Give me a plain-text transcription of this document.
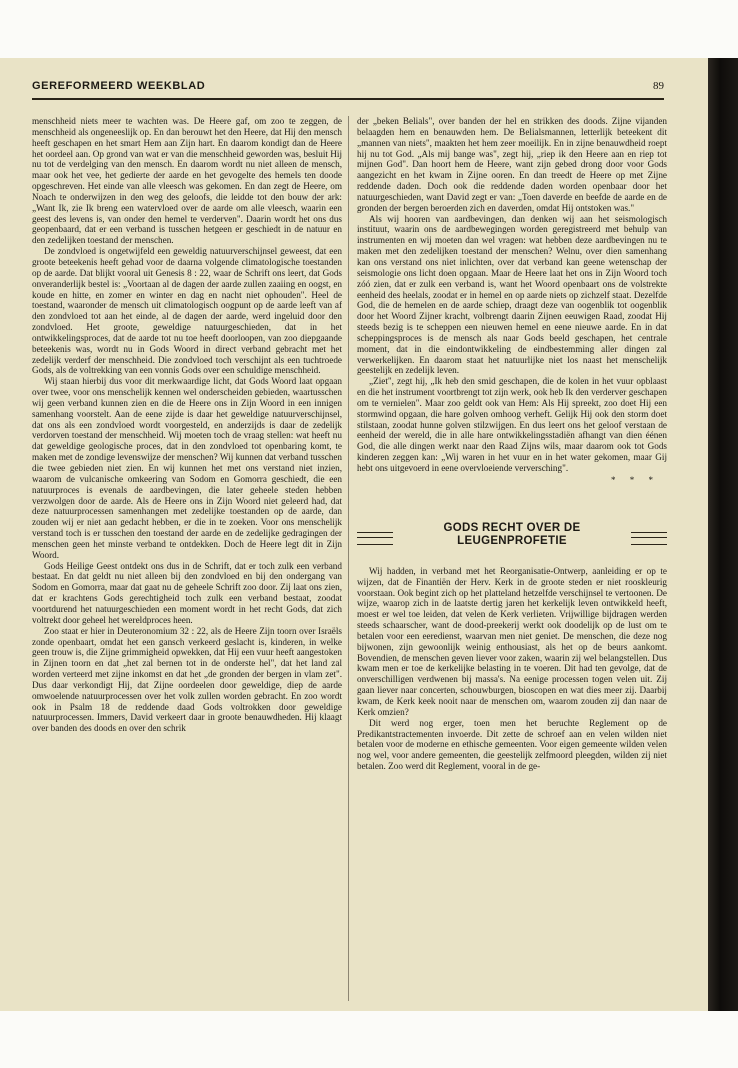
GEREFORMEERD WEEKBLAD	89

menschheid niets meer te wachten was. De Heere gaf, om zoo te zeggen, de menschheid als ongeneeslijk op. En dan berouwt het den Heere, dat Hij den mensch heeft geschapen en het smart Hem aan Zijn hart. En daarom kondigt dan de Heere het oordeel aan. Op grond van wat er van die menschheid geworden was, besluit Hij nu tot de verdelging van den mensch. En daarom wordt nu niet alleen de mensch, maar ook het vee, het gedierte der aarde en het gevogelte des hemels ten doode opgeschreven. Het einde van alle vleesch was gekomen. En dan zegt de Heere, om Noach te onderwijzen in den weg des geloofs, die leidde tot den bouw der ark: „Want Ik, zie Ik breng een watervloed over de aarde om alle vleesch, waarin een geest des levens is, van onder den hemel te verderven". Daarin wordt het ons dus geopenbaard, dat er een verband is tusschen hetgeen er geschiedt in de natuur en den zedelijken toestand der menschen.

De zondvloed is ongetwijfeld een geweldig natuurverschijnsel geweest, dat een groote beteekenis heeft gehad voor de daarna volgende climatologische toestanden op de aarde. Dat blijkt vooral uit Genesis 8 : 22, waar de Schrift ons leert, dat Gods onveranderlijk bestel is: „Voortaan al de dagen der aarde zullen zaaiing en oogst, en koude en hitte, en zomer en winter en dag en nacht niet ophouden". Heel de toestand, waaronder de mensch uit climatologisch oogpunt op de aarde leeft van af den zondvloed tot aan het einde, al de dagen der aarde, werd ingeluid door den zondvloed. Het groote, geweldige natuurgeschieden, dat in het ontwikkelingsproces, dat de aarde tot nu toe heeft doorloopen, van zoo diepgaande beteekenis was, wordt nu in Gods Woord in direct verband gebracht met het zedelijk verderf der menschheid. Die zondvloed toch verschijnt als een tuchtroede Gods, als de voltrekking van een vonnis Gods over een schuldige menschheid.

Wij staan hierbij dus voor dit merkwaardige licht, dat Gods Woord laat opgaan over twee, voor ons menschelijk kennen wel onderscheiden gebieden, waartusschen wij geen verband kunnen zien en die de Heere ons in Zijn Woord in een innigen samenhang voorstelt. Aan de eene zijde is daar het geweldige natuurverschijnsel, dat ons als een zondvloed wordt voorgesteld, en anderzijds is daar de zedelijk verdorven toestand der menschheid. Wij moeten toch de vraag stellen: wat heeft nu dat geweldige geologische proces, dat in den zondvloed tot openbaring komt, te maken met de zondige levenswijze der menschen? Wij kunnen dat verband tusschen die twee gebieden niet zien. En wij kunnen het met ons verstand niet inzien, waarom de vulcanische omkeering van Sodom en Gomorra geschiedt, die een natuurproces is evenals de aardbevingen, die later geheele steden hebben verzwolgen door de aarde. Als de Heere ons in Zijn Woord niet geleerd had, dat deze natuurprocessen samenhangen met zedelijke toestanden op de aarde, dan zouden wij er niet aan gedacht hebben, er die in te zoeken. Voor ons menschelijk verstand toch is er tusschen den toestand der aarde en de zedelijke gedragingen der menschen geen het minste verband te ontdekken. Doch de Heere legt dit in Zijn Woord.

Gods Heilige Geest ontdekt ons dus in de Schrift, dat er toch zulk een verband bestaat. En dat geldt nu niet alleen bij den zondvloed en bij den ondergang van Sodom en Gomorra, maar dat gaat nu de geheele Schrift zoo door. Zij laat ons zien, dat er krachtens Gods gerechtigheid toch zulk een verband bestaat, zoodat voortdurend het natuurgeschieden een moment wordt in het recht Gods, dat zich voltrekt door geheel het wereldproces heen.

Zoo staat er hier in Deuteronomium 32 : 22, als de Heere Zijn toorn over Israëls zonde openbaart, omdat het een gansch verkeerd geslacht is, kinderen, in welke geen trouw is, die Zijne grimmigheid opwekken, dat Hij een vuur heeft aangestoken in Zijnen toorn en dat „het zal bernen tot in de onderste hel", dat het land zal worden verteerd met zijne inkomst en dat het „de gronden der bergen in vlam zet". Dus daar verkondigt Hij, dat Zijne oordeelen door geweldige, diep de aarde omwoelende natuurprocessen over het volk zullen worden gebracht. En zoo wordt ook in Psalm 18 de reddende daad Gods voltrokken door geweldige natuurprocessen. Immers, David verkeert daar in groote benauwdheden. Hij klaagt over banden des doods en over den schrik

der „beken Belials", over banden der hel en strikken des doods. Zijne vijanden belaagden hem en benauwden hem. De Belialsmannen, letterlijk beteekent dit „mannen van niets", maakten het hem zeer moeilijk. En in zijne benauwdheid roept hij nu tot God. „Als mij bange was", zegt hij, „riep ik den Heere aan en riep tot mijnen God". Dan hoort hem de Heere, want zijn gebed drong door voor Gods aangezicht en het kwam in Zijne ooren. En dan treedt de Heere op met Zijne reddende daden. Doch ook die reddende daden worden openbaar door het natuurgeschieden, want David zegt er van: „Toen daverde en beefde de aarde en de gronden der bergen beroerden zich en daverden, omdat Hij ontstoken was."

Als wij hooren van aardbevingen, dan denken wij aan het seismologisch instituut, waarin ons de aardbewegingen worden geregistreerd met behulp van instrumenten en wij moeten dan wel vragen: wat hebben deze aardbevingen nu te maken met den zedelijken toestand der menschen? Welnu, over dien samenhang kan ons verstand ons niet inlichten, over dat verband kan geene wetenschap der seismologie ons licht doen opgaan. Maar de Heere laat het ons in Zijn Woord toch zóó zien, dat er zulk een verband is, want het Woord openbaart ons de volstrekte eenheid des heelals, zoodat er in hemel en op aarde niets op zichzelf staat. Dezelfde God, die de hemelen en de aarde schiep, draagt deze van oogenblik tot oogenblik door het Woord Zijner kracht, volbrengt daarin Zijnen eeuwigen Raad, zoodat Hij steeds bezig is te scheppen een nieuwen hemel en eene nieuwe aarde. En in dat scheppingsproces is de mensch als naar Gods beeld geschapen, het centrale moment, dat in die eindontwikkeling de eindbestemming aller dingen zal verwerkelijken. En daarom staat het natuurlijke niet los naast het menschelijk geestelijk en zedelijk leven.

„Ziet", zegt hij, „Ik heb den smid geschapen, die de kolen in het vuur opblaast en die het instrument voortbrengt tot zijn werk, ook heb Ik den verderver geschapen om te vernielen". Maar zoo geldt ook van Hem: Als Hij spreekt, zoo doet Hij een stormwind opgaan, die hare golven omhoog verheft. Gelijk Hij ook den storm doet stilstaan, zoodat hunne golven stilzwijgen. En dus leert ons het geloof verstaan de eenheid der wereld, die in alle hare ontwikkelingsstadiën afhangt van dien éénen God, die alle dingen werkt naar den Raad Zijns wils, maar daarom ook tot Gods kinderen zeggen kan: „Wij waren in het vuur en in het water gekomen, maar Gij hebt ons uitgevoerd in eene overvloeiende verversching".

* * *
GODS RECHT OVER DE
LEUGENPROFETIE

Wij hadden, in verband met het Reorganisatie-Ontwerp, aanleiding er op te wijzen, dat de Finantiën der Herv. Kerk in de groote steden er niet rooskleurig voorstaan. Ook begint zich op het platteland hetzelfde verschijnsel te vertoonen. De wijze, waarop zich in de laatste dertig jaren het kerkelijk leven ontwikkeld heeft, moest er wel toe leiden, dat velen de Kerk verlieten. Vrijwillige bijdragen werden steeds schaarscher, want de dood-preekerij werkt ook doodelijk op de lust om te betalen voor een eeredienst, waarvan men niet geniet. De menschen, die deze nog bijwonen, zijn gewoonlijk weinig enthousiast, als het op de beurs aankomt. Bovendien, de menschen geven liever voor zaken, waarin zij wel belangstellen. Dus kwam men er toe de kerkelijke belasting in te voeren. Dit had ten gevolge, dat de onverschilligen verdwenen bij massa's. Na eenige processen togen velen uit. Zij gaan liever naar concerten, schouwburgen, bioscopen en wat dies meer zij. Daarbij kwam, de Kerk keek nooit naar de menschen om, waarom zouden zij dan naar de Kerk omzien?

Dit werd nog erger, toen men het beruchte Reglement op de Predikantstractementen invoerde. Dit zette de schroef aan en velen wilden niet betalen voor de moderne en ethische gemeenten. Voor eigen gemeente wilden velen nog wel, voor andere gemeenten, die geestelijk zelfmoord pleegden, wilden zij niet betalen. Zoo werd dit Reglement, vooral in de ge-
